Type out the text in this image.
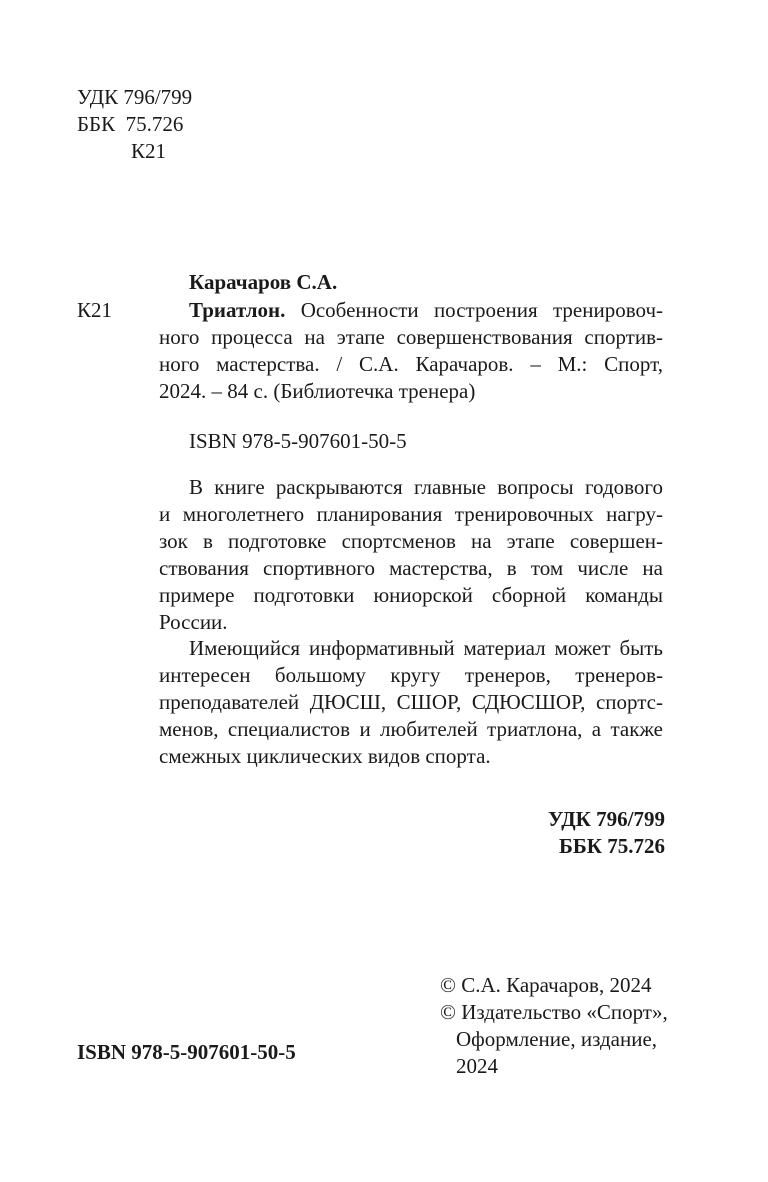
УДК 796/799
ББК  75.726
К21
Карачаров С.А.
К21	Триатлон. Особенности построения тренировоч-
ного процесса на этапе совершенствования спортив-
ного мастерства. / С.А. Карачаров. – М.: Спорт,
2024. – 84 с. (Библиотечка тренера)
ISBN 978-5-907601-50-5
В книге раскрываются главные вопросы годового
и многолетнего планирования тренировочных нагру-
зок в подготовке спортсменов на этапе совершен-
ствования спортивного мастерства, в том числе на
примере подготовки юниорской сборной команды
России.
Имеющийся информативный материал может быть
интересен большому кругу тренеров, тренеров-
преподавателей ДЮСШ, СШОР, СДЮСШОР, спортс-
менов, специалистов и любителей триатлона, а также
смежных циклических видов спорта.
УДК 796/799
ББК 75.726
© С.А. Карачаров, 2024
© Издательство «Спорт»,
Оформление, издание,
2024
ISBN 978-5-907601-50-5
